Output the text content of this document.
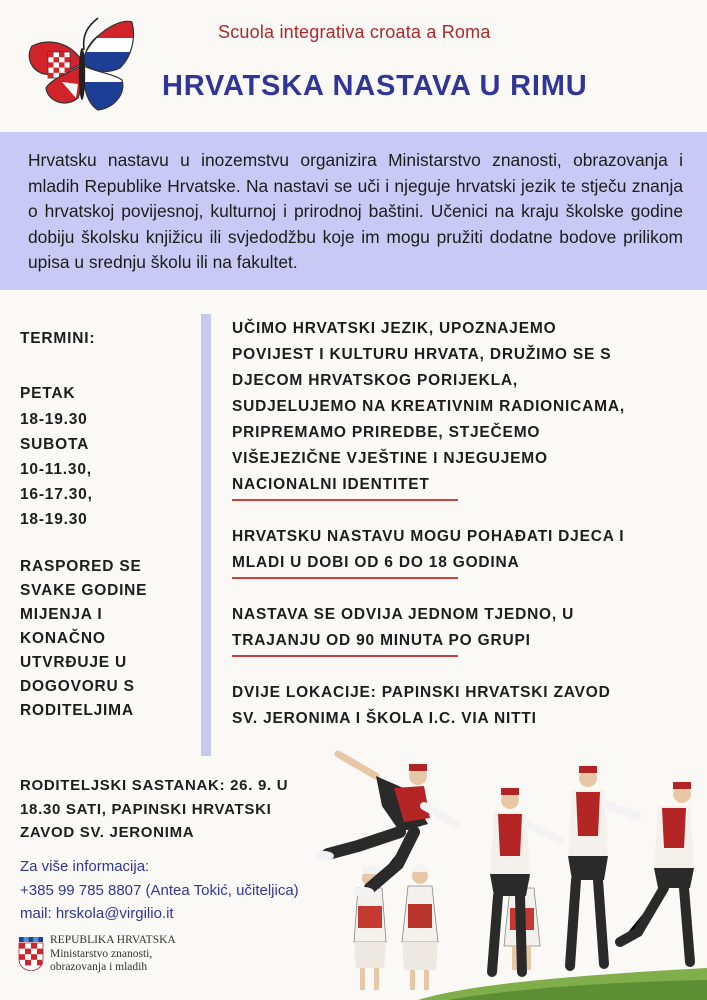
Scuola integrativa croata a Roma
HRVATSKA NASTAVA U RIMU

Hrvatsku nastavu u inozemstvu organizira Ministarstvo znanosti, obrazovanja i mladih Republike Hrvatske. Na nastavi se uči i njeguje hrvatski jezik te stječu znanja o hrvatskoj povijesnoj, kulturnoj i prirodnoj baštini. Učenici na kraju školske godine dobiju školsku knjižicu ili svjedodžbu koje im mogu pružiti dodatne bodove prilikom upisa u srednju školu ili na fakultet.

TERMINI:
PETAK
18-19.30
SUBOTA
10-11.30,
16-17.30,
18-19.30
RASPORED SE
SVAKE GODINE
MIJENJA I
KONAČNO
UTVRĐUJE U
DOGOVORU S
RODITELJIMA
UČIMO HRVATSKI JEZIK, UPOZNAJEMO
POVIJEST I KULTURU HRVATA, DRUŽIMO SE S
DJECOM HRVATSKOG PORIJEKLA,
SUDJELUJEMO NA KREATIVNIM RADIONICAMA,
PRIPREMAMO PRIREDBE, STJEČEMO
VIŠEJEZIČNE VJEŠTINE I NJEGUJEMO
NACIONALNI IDENTITET
HRVATSKU NASTAVU MOGU POHAĐATI DJECA I
MLADI U DOBI OD 6 DO 18 GODINA
NASTAVA SE ODVIJA JEDNOM TJEDNO, U
TRAJANJU OD 90 MINUTA PO GRUPI
DVIJE LOKACIJE: PAPINSKI HRVATSKI ZAVOD
SV. JERONIMA I ŠKOLA I.C. VIA NITTI
RODITELJSKI SASTANAK: 26. 9. U
18.30 SATI, PAPINSKI HRVATSKI
ZAVOD SV. JERONIMA
Za više informacija:
+385 99 785 8807 (Antea Tokić, učiteljica)
mail: hrskola@virgilio.it
REPUBLIKA HRVATSKA
Ministarstvo znanosti,
obrazovanja i mladih
